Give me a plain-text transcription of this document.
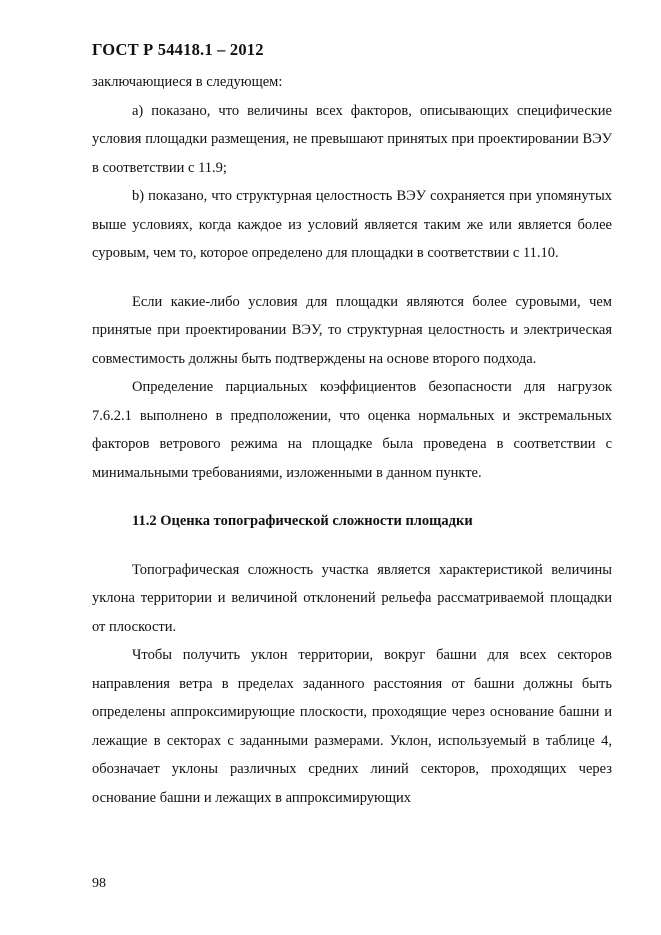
ГОСТ Р 54418.1 – 2012

заключающиеся в следующем:

а) показано, что величины всех факторов, описывающих специфические условия площадки размещения, не превышают принятых при проектировании ВЭУ в соответствии с 11.9;

b) показано, что структурная целостность ВЭУ сохраняется при упомянутых выше условиях, когда каждое из условий является таким же или является более суровым, чем то, которое определено для площадки в соответствии с 11.10.

Если какие-либо условия для площадки являются более суровыми, чем принятые при проектировании ВЭУ, то структурная целостность и электрическая совместимость должны быть подтверждены на основе второго подхода.

Определение парциальных коэффициентов безопасности для нагрузок 7.6.2.1 выполнено в предположении, что оценка нормальных и экстремальных факторов ветрового режима на площадке была проведена в соответствии с минимальными требованиями, изложенными в данном пункте.

11.2 Оценка топографической сложности площадки

Топографическая сложность участка является характеристикой величины уклона территории и величиной отклонений рельефа рассматриваемой площадки от плоскости.

Чтобы получить уклон территории, вокруг башни для всех секторов направления ветра в пределах заданного расстояния от башни должны быть определены аппроксимирующие плоскости, проходящие через основание башни и лежащие в секторах с заданными размерами. Уклон, используемый в таблице 4, обозначает уклоны различных средних линий секторов, проходящих через основание башни и лежащих в аппроксимирующих

98
